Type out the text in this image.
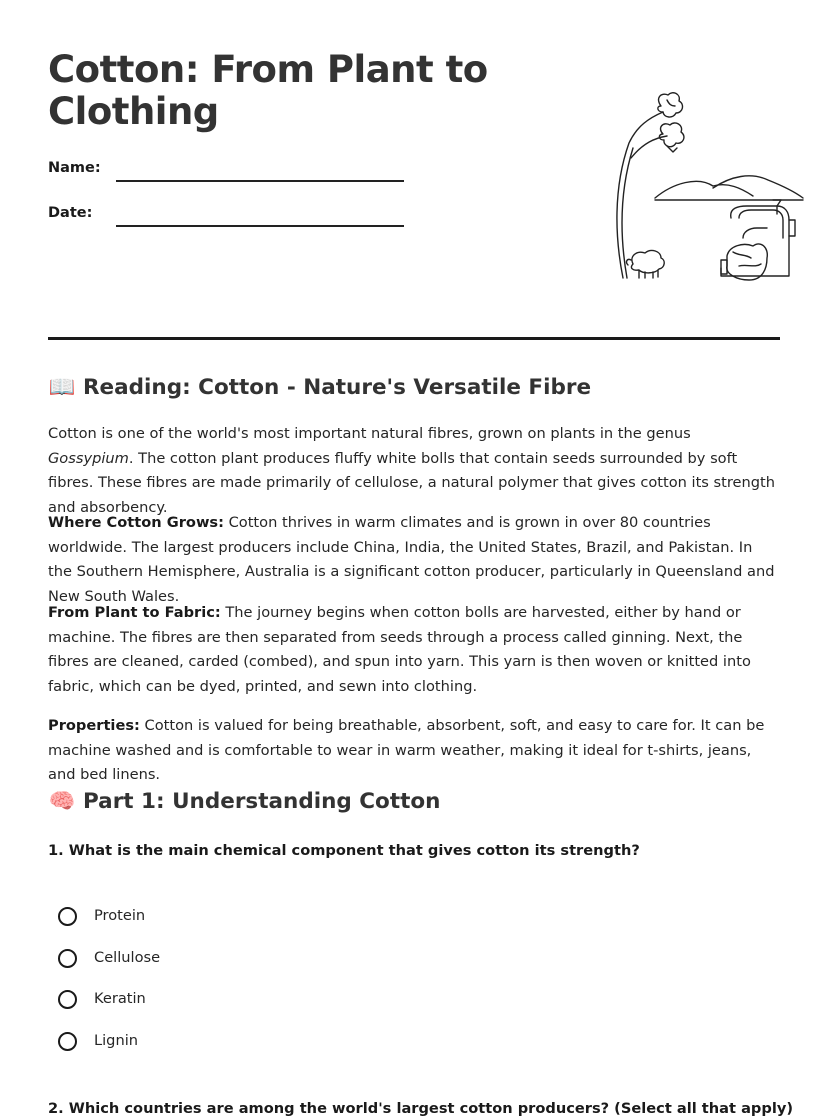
Cotton: From Plant to Clothing
Name:
Date:
📖 Reading: Cotton - Nature's Versatile Fibre

Cotton is one of the world's most important natural fibres, grown on plants in the genus Gossypium. The cotton plant produces fluffy white bolls that contain seeds surrounded by soft fibres. These fibres are made primarily of cellulose, a natural polymer that gives cotton its strength and absorbency.

Where Cotton Grows: Cotton thrives in warm climates and is grown in over 80 countries worldwide. The largest producers include China, India, the United States, Brazil, and Pakistan. In the Southern Hemisphere, Australia is a significant cotton producer, particularly in Queensland and New South Wales.

From Plant to Fabric: The journey begins when cotton bolls are harvested, either by hand or machine. The fibres are then separated from seeds through a process called ginning. Next, the fibres are cleaned, carded (combed), and spun into yarn. This yarn is then woven or knitted into fabric, which can be dyed, printed, and sewn into clothing.

Properties: Cotton is valued for being breathable, absorbent, soft, and easy to care for. It can be machine washed and is comfortable to wear in warm weather, making it ideal for t-shirts, jeans, and bed linens.

🧠 Part 1: Understanding Cotton

1. What is the main chemical component that gives cotton its strength?

Protein
Cellulose
Keratin
Lignin

2. Which countries are among the world's largest cotton producers? (Select all that apply)
